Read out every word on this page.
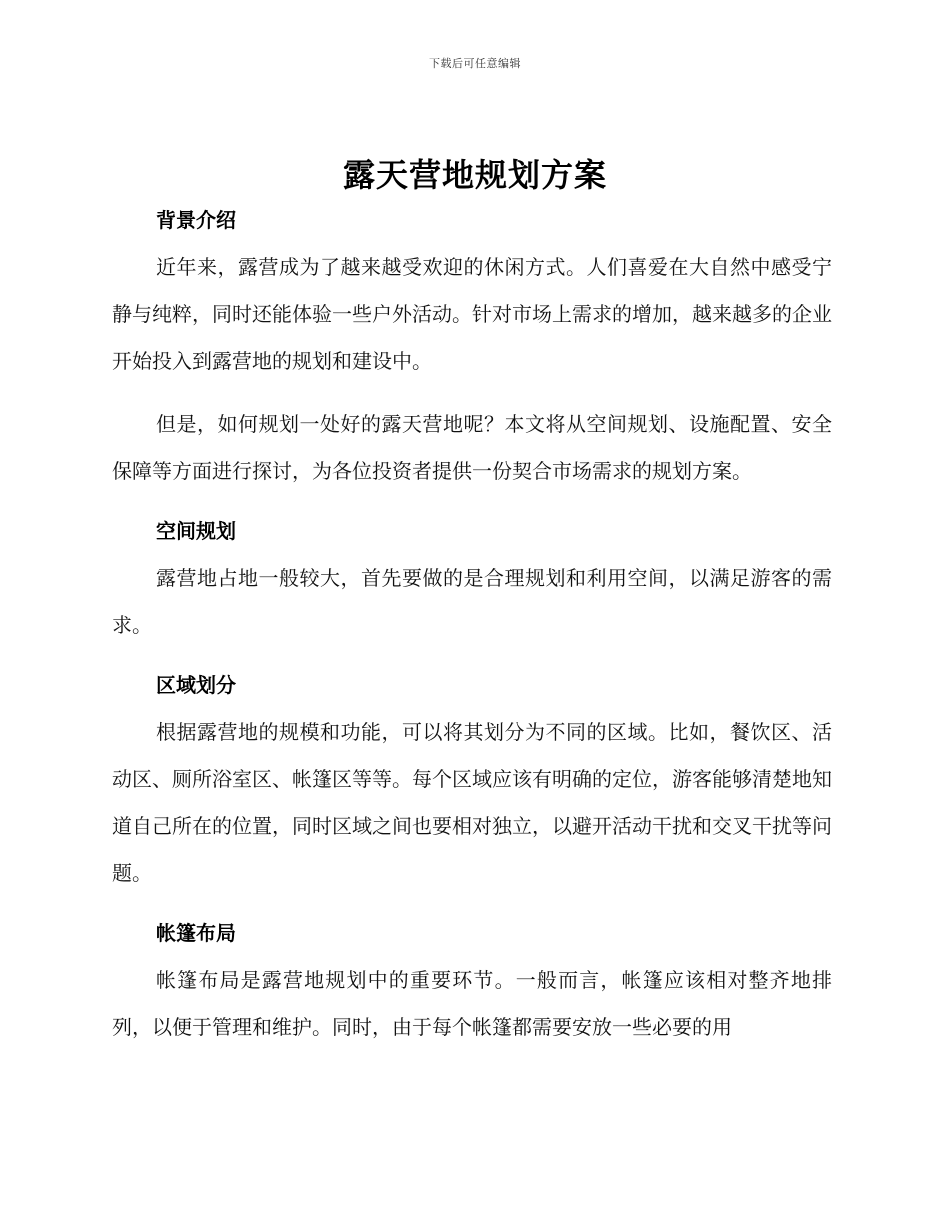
下载后可任意编辑
露天营地规划方案
背景介绍

近年来，露营成为了越来越受欢迎的休闲方式。人们喜爱在大自然中感受宁静与纯粹，同时还能体验一些户外活动。针对市场上需求的增加，越来越多的企业开始投入到露营地的规划和建设中。

但是，如何规划一处好的露天营地呢？本文将从空间规划、设施配置、安全保障等方面进行探讨，为各位投资者提供一份契合市场需求的规划方案。

空间规划

露营地占地一般较大，首先要做的是合理规划和利用空间，以满足游客的需求。

区域划分

根据露营地的规模和功能，可以将其划分为不同的区域。比如，餐饮区、活动区、厕所浴室区、帐篷区等等。每个区域应该有明确的定位，游客能够清楚地知道自己所在的位置，同时区域之间也要相对独立，以避开活动干扰和交叉干扰等问题。

帐篷布局

帐篷布局是露营地规划中的重要环节。一般而言，帐篷应该相对整齐地排列，以便于管理和维护。同时，由于每个帐篷都需要安放一些必要的用
